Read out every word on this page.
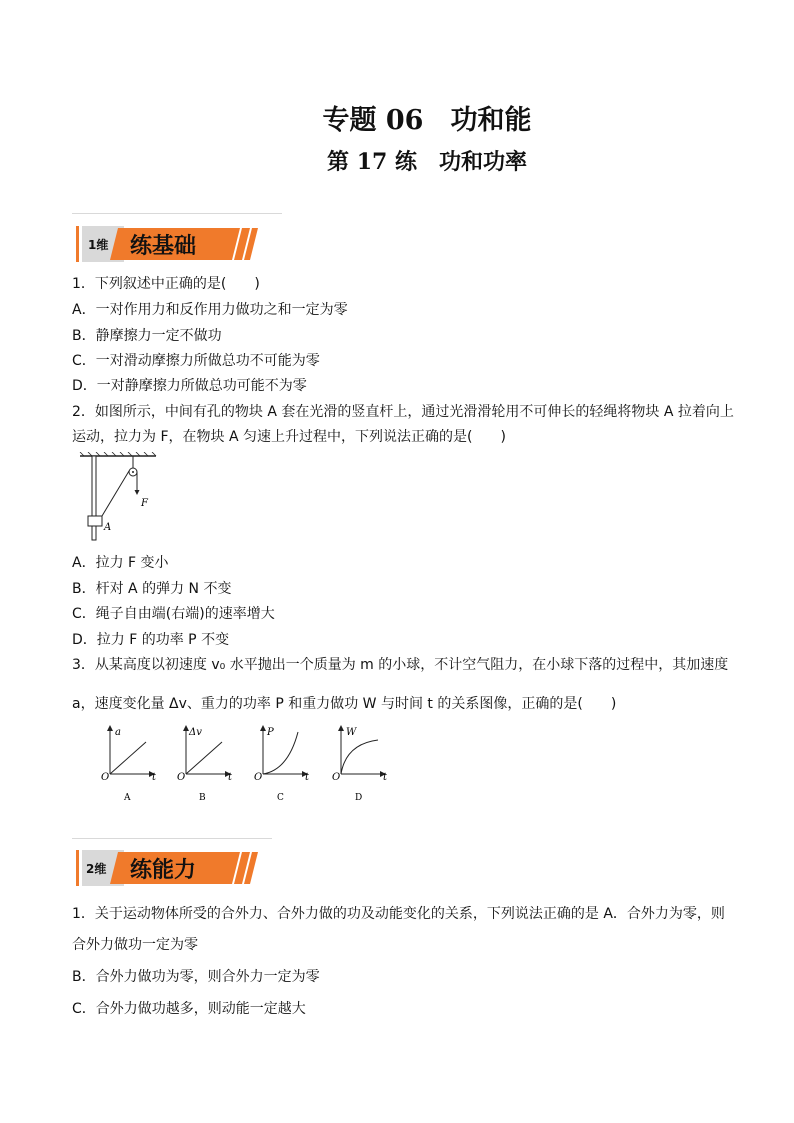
专题 06　功和能
第 17 练　功和功率
1维 练基础
1．下列叙述中正确的是(　　)
A．一对作用力和反作用力做功之和一定为零
B．静摩擦力一定不做功
C．一对滑动摩擦力所做总功不可能为零
D．一对静摩擦力所做总功可能不为零
2．如图所示，中间有孔的物块 A 套在光滑的竖直杆上，通过光滑滑轮用不可伸长的轻绳将物块 A 拉着向上
运动，拉力为 F，在物块 A 匀速上升过程中，下列说法正确的是(　　)
F
A
A．拉力 F 变小
B．杆对 A 的弹力 N 不变
C．绳子自由端(右端)的速率增大
D．拉力 F 的功率 P 不变
3．从某高度以初速度 v₀ 水平抛出一个质量为 m 的小球，不计空气阻力，在小球下落的过程中，其加速度
a，速度变化量 Δv、重力的功率 P 和重力做功 W 与时间 t 的关系图像，正确的是(　　)
a
t
O
A
Δv
t
O
B
P
t
O
C
W
t
O
D
2维 练能力
1．关于运动物体所受的合外力、合外力做的功及动能变化的关系，下列说法正确的是 A．合外力为零，则
合外力做功一定为零
B．合外力做功为零，则合外力一定为零
C．合外力做功越多，则动能一定越大
